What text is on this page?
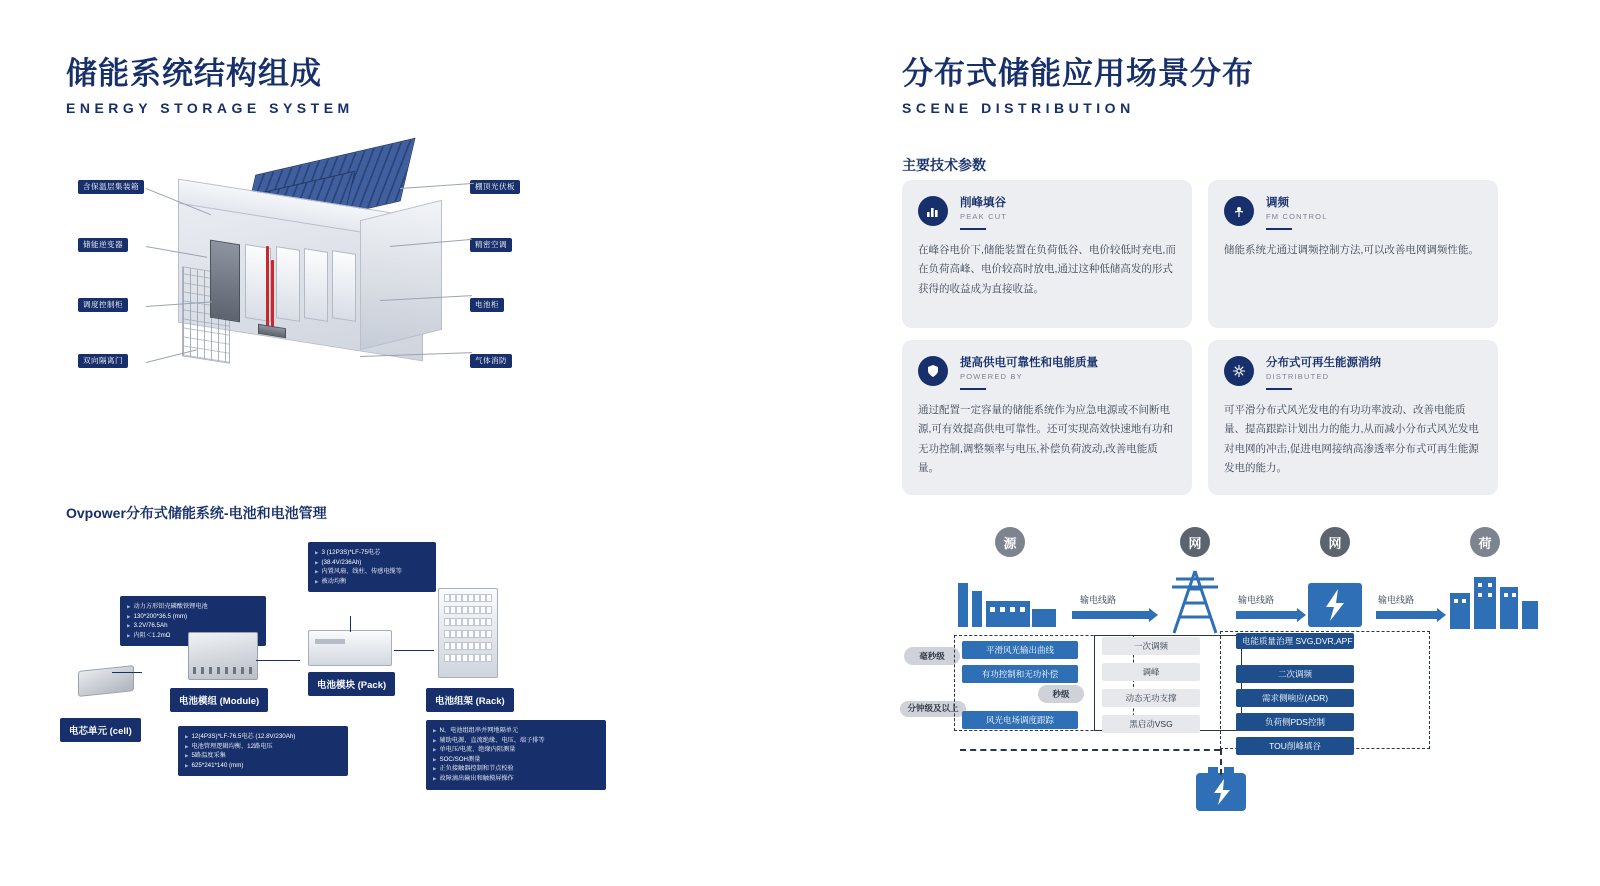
储能系统结构组成
ENERGY STORAGE SYSTEM
含保温层集装箱
储能逆变器
调度控制柜
双向隔离门
棚顶光伏板
精密空调
电池柜
气体消防
Ovpower分布式储能系统-电池和电池管理
电芯单元 (cell)
▶ 动力方形铝壳磷酸铁锂电池
▶ 130*200*36.5 (mm)
▶ 3.2V/76.5Ah
▶ 内阻＜1.2mΩ
电池模组 (Module)
▶ 12(4P3S)*LF-76.5电芯 (12.8V/230Ah)
▶ 电池管理逻辑均衡、12路电压
▶ 5路温度采集
▶ 625*241*140 (mm)
电池模块 (Pack)
▶ 3 (12P3S)*LF-75电芯
▶ (38.4V/236Ah)
▶ 内置风扇、线柱、传感电缆等
▶ 被动均衡
电池组架 (Rack)
▶ N、电池组组串并网地隔单元
▶ 辅助电源、直流绝缘、电压、端子排等
▶ 单电压/电流、绝缘内阻测量
▶ SOC/SOH测量
▶ 正负接触器控制和节点校验
▶ 故障滴出输出和触摸屏操作
分布式储能应用场景分布
SCENE DISTRIBUTION
主要技术参数
削峰填谷
PEAK CUT
在峰谷电价下,储能装置在负荷低谷、电价较低时充电,而在负荷高峰、电价较高时放电,通过这种低储高发的形式获得的收益成为直接收益。
调频
FM CONTROL
储能系统尤通过调频控制方法,可以改善电网调频性能。
提高供电可靠性和电能质量
POWERED BY
通过配置一定容量的储能系统作为应急电源或不间断电源,可有效提高供电可靠性。还可实现高效快速地有功和无功控制,调整频率与电压,补偿负荷波动,改善电能质量。
分布式可再生能源消纳
DISTRIBUTED
可平滑分布式风光发电的有功功率波动、改善电能质量、提高跟踪计划出力的能力,从而减小分布式风光发电对电网的冲击,促进电网接纳高渗透率分布式可再生能源发电的能力。
源	网	网	荷
输电线路	输电线路	输电线路
毫秒级
秒级
分钟级及以上
平滑风光输出曲线
有功控制和无功补偿
风光电场调度跟踪
一次调频
调峰
动态无功支撑
黑启动VSG
电能质量治理 SVG,DVR,APF
二次调频
需求侧响应(ADR)
负荷侧PDS控制
TOU削峰填谷
